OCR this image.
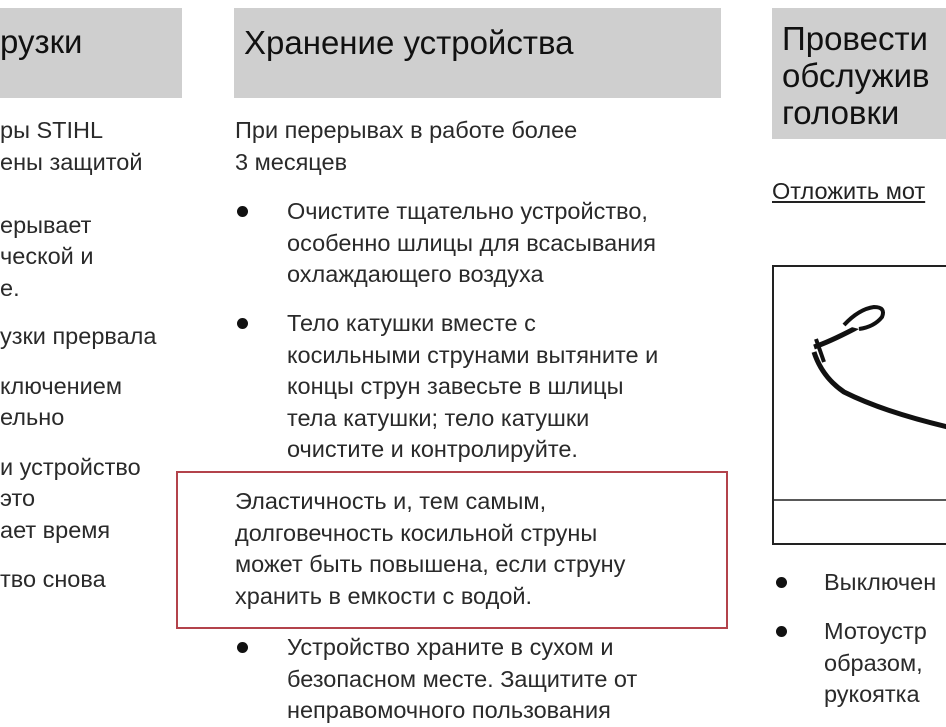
рузки
ры STIHL
ены защитой
ерывает
ческой и
е.
узки прервала
ключением
ельно
и устройство
это
ает время
тво снова
Хранение устройства
При перерывах в работе более
3 месяцев
Очистите тщательно устройство,
особенно шлицы для всасывания
охлаждающего воздуха
Тело катушки вместе с
косильными струнами вытяните и
концы струн завесьте в шлицы
тела катушки; тело катушки
очистите и контролируйте.
Эластичность и, тем самым,
долговечность косильной струны
может быть повышена, если струну
хранить в емкости с водой.
Устройство храните в сухом и
безопасном месте. Защитите от
неправомочного пользования
Провести
обслужив
головки
Отложить мот
Выключен
Мотоустр
образом,
рукоятка
